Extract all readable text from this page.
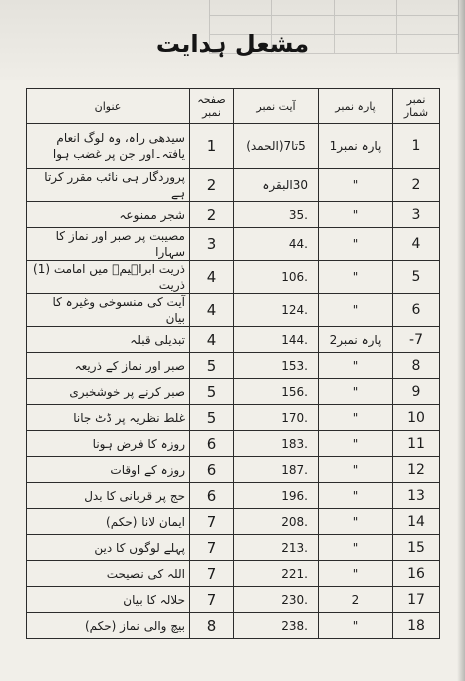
مشعل ہدایت
نمبر شمار	پارہ نمبر	آیت نمبر	صفحہ نمبر	عنوان
1	پارہ نمبر1	5تا7(الحمد)	1	سیدھی راہ، وہ لوگ انعام یافتہ۔اور جن پر غضب ہوا
2	"	30البقرہ	2	پروردگار ہی نائب مقرر کرتا ہے
3	"	.35	2	شجر ممنوعہ
4	"	.44	3	مصیبت پر صبر اور نماز کا سہارا
5	"	.106	4	ذریت ابراہیمؑ میں امامت (1) ذریت
6	"	.124	4	آیت کی منسوخی وغیرہ کا بیان
7-	پارہ نمبر2	.144	4	تبدیلی قبلہ
8	"	.153	5	صبر اور نماز کے ذریعہ
9	"	.156	5	صبر کرنے پر خوشخبری
10	"	.170	5	غلط نظریہ پر ڈٹ جانا
11	"	.183	6	روزہ کا فرض ہونا
12	"	.187	6	روزہ کے اوقات
13	"	.196	6	حج پر قربانی کا بدل
14	"	.208	7	ایمان لانا (حکم)
15	"	.213	7	پہلے لوگوں کا دین
16	"	.221	7	اللہ کی نصیحت
17	2	.230	7	حلالہ کا بیان
18	"	.238	8	بیچ والی نماز (حکم)
